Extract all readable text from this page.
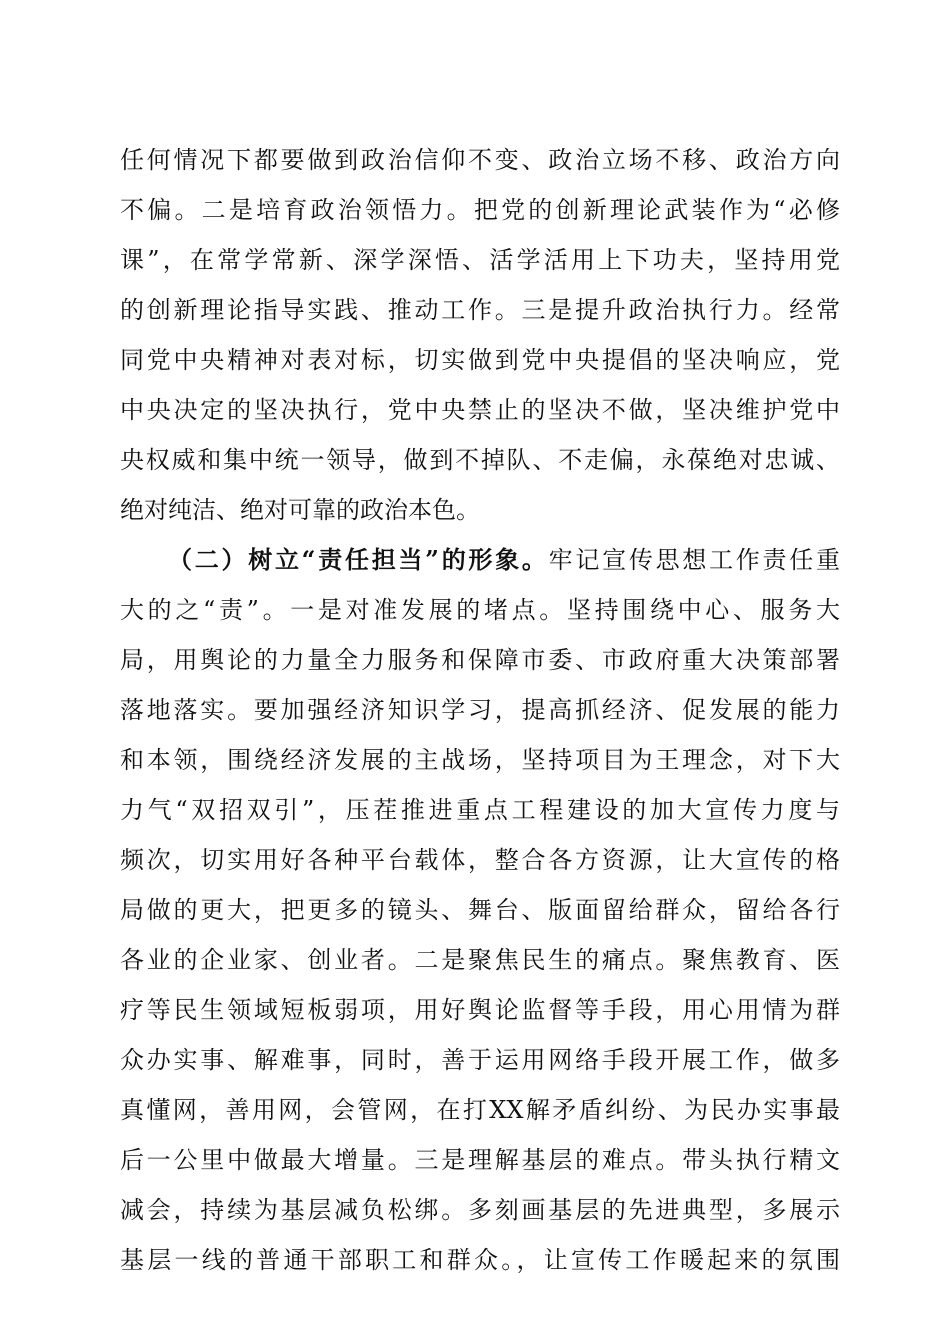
任何情况下都要做到政治信仰不变、政治立场不移、政治方向
不偏。二是培育政治领悟力。把党的创新理论武装作为“必修
课”，在常学常新、深学深悟、活学活用上下功夫，坚持用党
的创新理论指导实践、推动工作。三是提升政治执行力。经常
同党中央精神对表对标，切实做到党中央提倡的坚决响应，党
中央决定的坚决执行，党中央禁止的坚决不做，坚决维护党中
央权威和集中统一领导，做到不掉队、不走偏，永葆绝对忠诚、
绝对纯洁、绝对可靠的政治本色。
（二）树立“责任担当”的形象。牢记宣传思想工作责任重
大的之“责”。一是对准发展的堵点。坚持围绕中心、服务大
局，用舆论的力量全力服务和保障市委、市政府重大决策部署
落地落实。要加强经济知识学习，提高抓经济、促发展的能力
和本领，围绕经济发展的主战场，坚持项目为王理念，对下大
力气“双招双引”，压茬推进重点工程建设的加大宣传力度与
频次，切实用好各种平台载体，整合各方资源，让大宣传的格
局做的更大，把更多的镜头、舞台、版面留给群众，留给各行
各业的企业家、创业者。二是聚焦民生的痛点。聚焦教育、医
疗等民生领域短板弱项，用好舆论监督等手段，用心用情为群
众办实事、解难事，同时，善于运用网络手段开展工作，做多
真懂网，善用网，会管网，在打XX解矛盾纠纷、为民办实事最
后一公里中做最大增量。三是理解基层的难点。带头执行精文
减会，持续为基层减负松绑。多刻画基层的先进典型，多展示
基层一线的普通干部职工和群众。，让宣传工作暖起来的氛围
